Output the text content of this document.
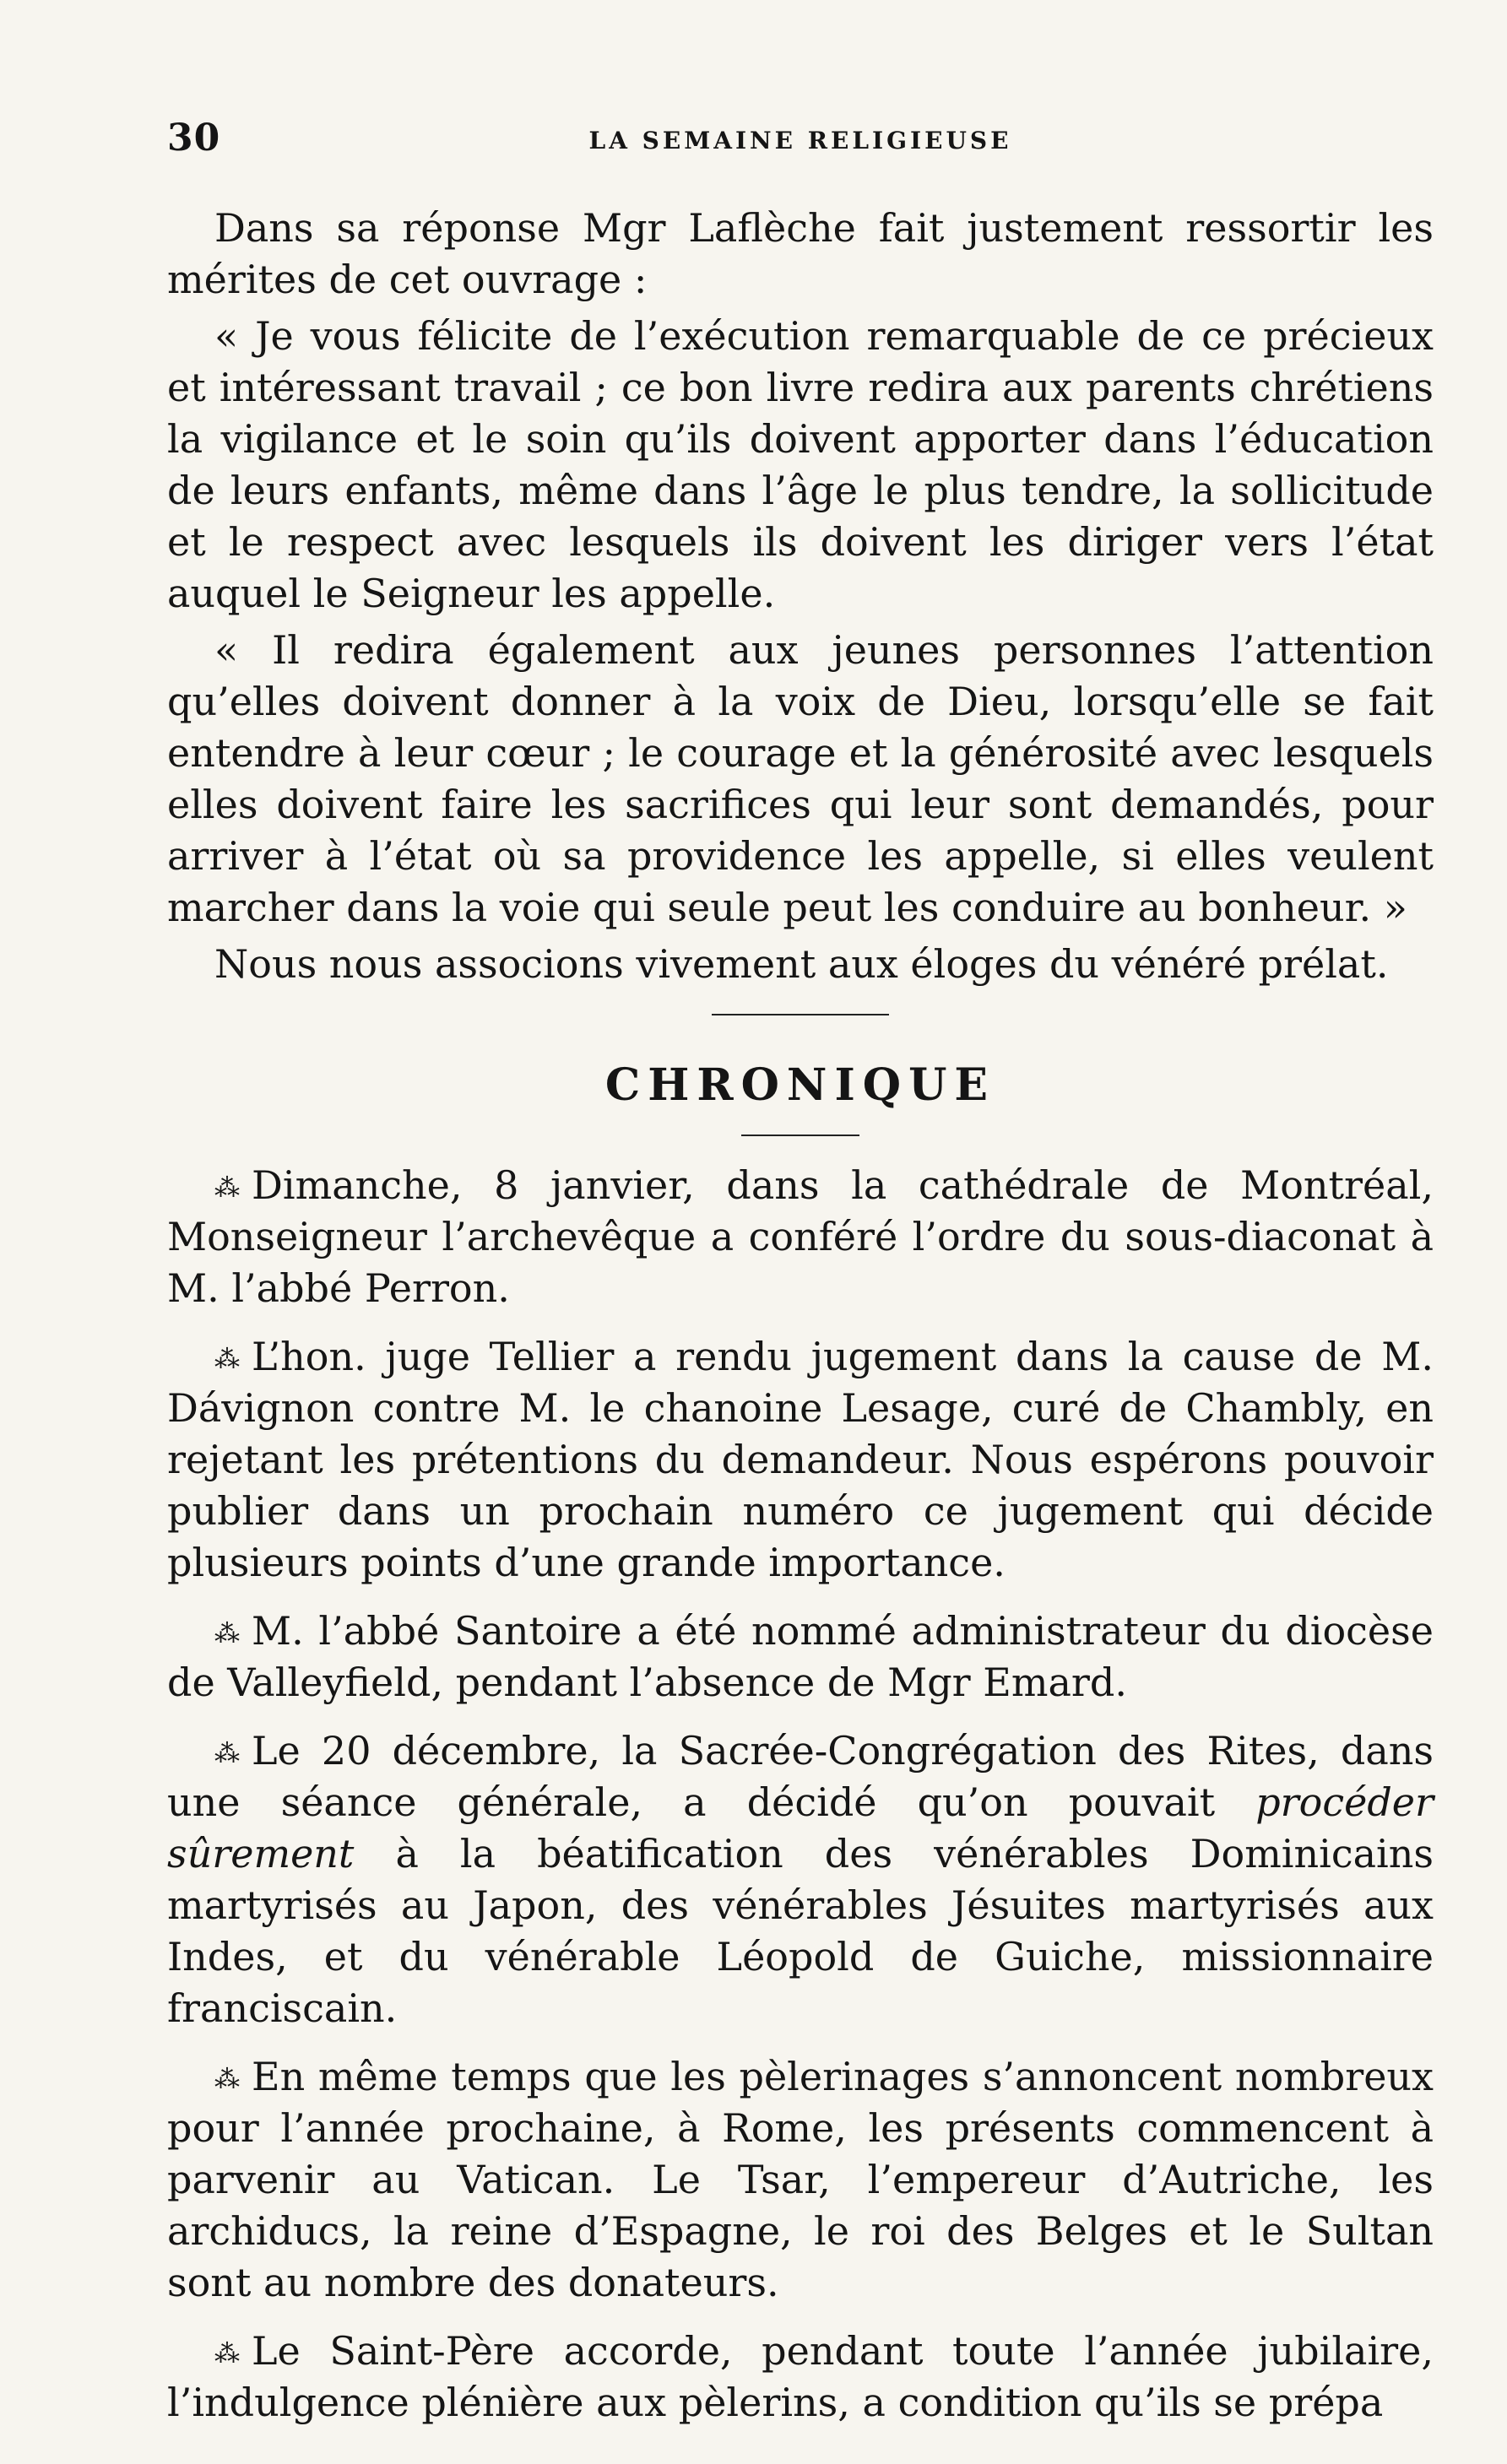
30	LA SEMAINE RELIGIEUSE

Dans sa réponse Mgr Laflèche fait justement ressortir les mérites de cet ouvrage :

« Je vous félicite de l’exécution remarquable de ce précieux et intéressant travail ; ce bon livre redira aux parents chrétiens la vigilance et le soin qu’ils doivent apporter dans l’éducation de leurs enfants, même dans l’âge le plus tendre, la sollicitude et le respect avec lesquels ils doivent les diriger vers l’état auquel le Seigneur les appelle.

« Il redira également aux jeunes personnes l’attention qu’elles doivent donner à la voix de Dieu, lorsqu’elle se fait entendre à leur cœur ; le courage et la générosité avec lesquels elles doivent faire les sacrifices qui leur sont demandés, pour arriver à l’état où sa providence les appelle, si elles veulent marcher dans la voie qui seule peut les conduire au bonheur. »

Nous nous associons vivement aux éloges du vénéré prélat.

CHRONIQUE

⁂ Dimanche, 8 janvier, dans la cathédrale de Montréal, Monseigneur l’archevêque a conféré l’ordre du sous-diaconat à M. l’abbé Perron.

⁂ L’hon. juge Tellier a rendu jugement dans la cause de M. Dávignon contre M. le chanoine Lesage, curé de Chambly, en rejetant les prétentions du demandeur. Nous espérons pouvoir publier dans un prochain numéro ce jugement qui décide plusieurs points d’une grande importance.

⁂ M. l’abbé Santoire a été nommé administrateur du diocèse de Valleyfield, pendant l’absence de Mgr Emard.

⁂ Le 20 décembre, la Sacrée-Congrégation des Rites, dans une séance générale, a décidé qu’on pouvait procéder sûrement à la béatification des vénérables Dominicains martyrisés au Japon, des vénérables Jésuites martyrisés aux Indes, et du vénérable Léopold de Guiche, missionnaire franciscain.

⁂ En même temps que les pèlerinages s’annoncent nombreux pour l’année prochaine, à Rome, les présents commencent à parvenir au Vatican. Le Tsar, l’empereur d’Autriche, les archiducs, la reine d’Espagne, le roi des Belges et le Sultan sont au nombre des donateurs.

⁂ Le Saint-Père accorde, pendant toute l’année jubilaire, l’indulgence plénière aux pèlerins, a condition qu’ils se prépa
